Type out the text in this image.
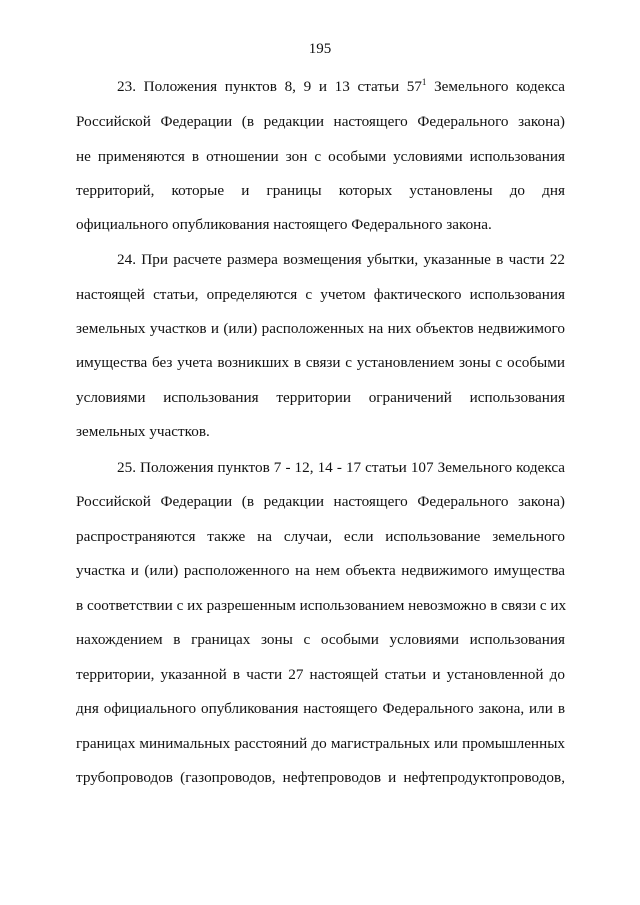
195
23. Положения пунктов 8, 9 и 13 статьи $57^1$ Земельного кодекса
Российской Федерации (в редакции настоящего Федерального закона)
не применяются в отношении зон с особыми условиями использования
территорий, которые и границы которых установлены до дня
официального опубликования настоящего Федерального закона.
24. При расчете размера возмещения убытки, указанные в части 22
настоящей статьи, определяются с учетом фактического использования
земельных участков и (или) расположенных на них объектов недвижимого
имущества без учета возникших в связи с установлением зоны с особыми
условиями использования территории ограничений использования
земельных участков.
25. Положения пунктов 7 - 12, 14 - 17 статьи 107 Земельного кодекса
Российской Федерации (в редакции настоящего Федерального закона)
распространяются также на случаи, если использование земельного
участка и (или) расположенного на нем объекта недвижимого имущества
в соответствии с их разрешенным использованием невозможно в связи с их
нахождением в границах зоны с особыми условиями использования
территории, указанной в части 27 настоящей статьи и установленной до
дня официального опубликования настоящего Федерального закона, или в
границах минимальных расстояний до магистральных или промышленных
трубопроводов (газопроводов, нефтепроводов и нефтепродуктопроводов,
